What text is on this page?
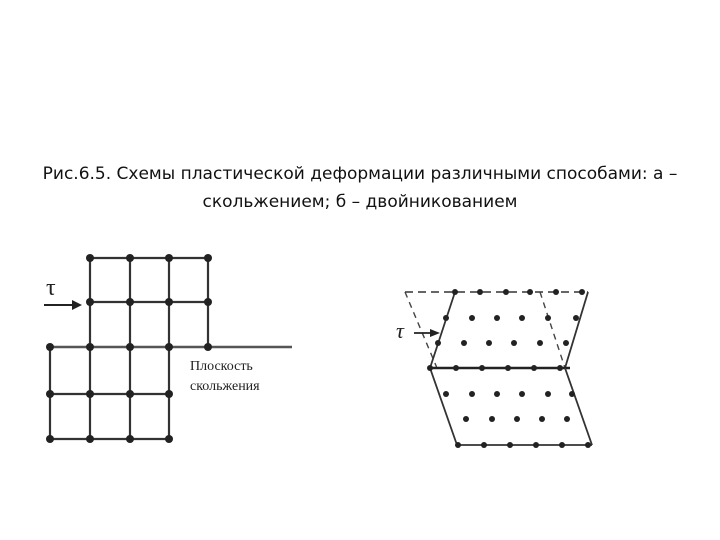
Рис.6.5. Схемы пластической деформации различными способами: а –
скольжением; б – двойникованием
τ
Плоскость
скольжения
τ
